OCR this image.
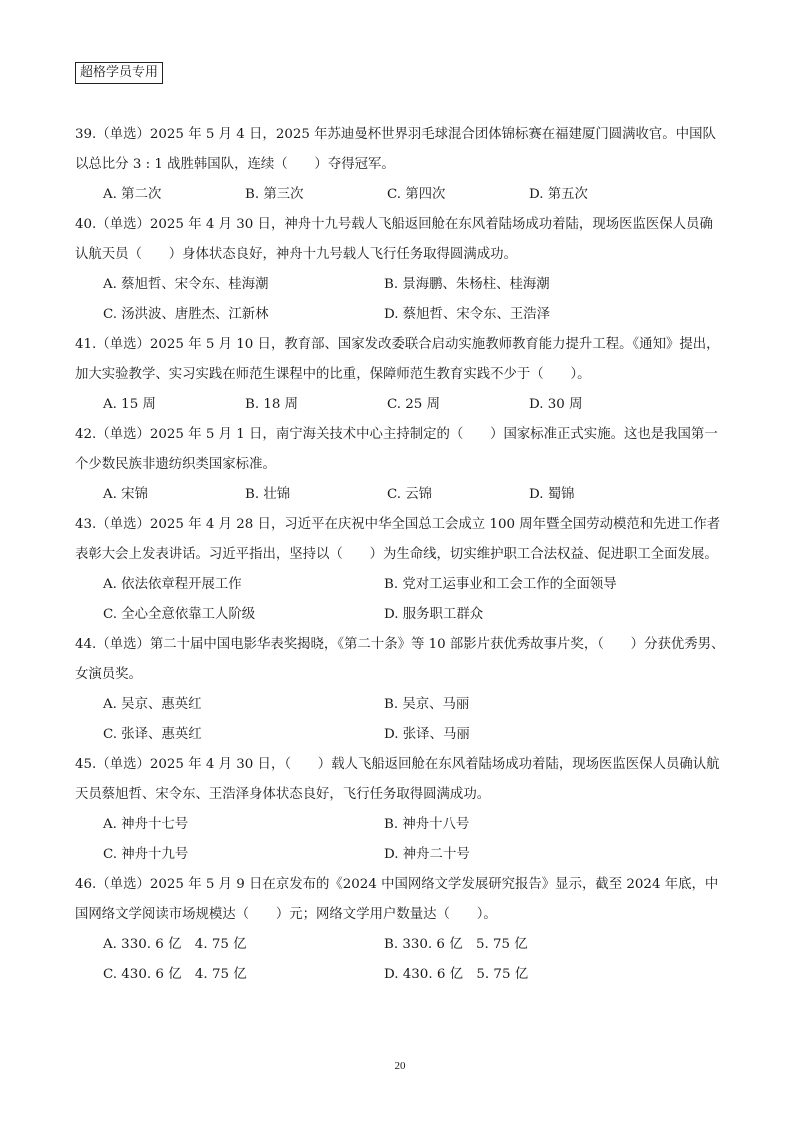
超格学员专用

39.（单选）2025 年 5 月 4 日，2025 年苏迪曼杯世界羽毛球混合团体锦标赛在福建厦门圆满收官。中国队以总比分 3 : 1 战胜韩国队，连续（　　）夺得冠军。

A. 第二次	B. 第三次	C. 第四次	D. 第五次

40.（单选）2025 年 4 月 30 日，神舟十九号载人飞船返回舱在东风着陆场成功着陆，现场医监医保人员确认航天员（　　）身体状态良好，神舟十九号载人飞行任务取得圆满成功。

A. 蔡旭哲、宋令东、桂海潮	B. 景海鹏、朱杨柱、桂海潮
C. 汤洪波、唐胜杰、江新林	D. 蔡旭哲、宋令东、王浩泽

41.（单选）2025 年 5 月 10 日，教育部、国家发改委联合启动实施教师教育能力提升工程。《通知》提出，加大实验教学、实习实践在师范生课程中的比重，保障师范生教育实践不少于（　　）。

A. 15 周	B. 18 周	C. 25 周	D. 30 周

42.（单选）2025 年 5 月 1 日，南宁海关技术中心主持制定的（　　）国家标准正式实施。这也是我国第一个少数民族非遗纺织类国家标准。

A. 宋锦	B. 壮锦	C. 云锦	D. 蜀锦

43.（单选）2025 年 4 月 28 日，习近平在庆祝中华全国总工会成立 100 周年暨全国劳动模范和先进工作者表彰大会上发表讲话。习近平指出，坚持以（　　）为生命线，切实维护职工合法权益、促进职工全面发展。

A. 依法依章程开展工作	B. 党对工运事业和工会工作的全面领导
C. 全心全意依靠工人阶级	D. 服务职工群众

44.（单选）第二十届中国电影华表奖揭晓，《第二十条》等 10 部影片获优秀故事片奖，（　　）分获优秀男、女演员奖。

A. 吴京、惠英红	B. 吴京、马丽
C. 张译、惠英红	D. 张译、马丽

45.（单选）2025 年 4 月 30 日，（　　）载人飞船返回舱在东风着陆场成功着陆，现场医监医保人员确认航天员蔡旭哲、宋令东、王浩泽身体状态良好，飞行任务取得圆满成功。

A. 神舟十七号	B. 神舟十八号
C. 神舟十九号	D. 神舟二十号

46.（单选）2025 年 5 月 9 日在京发布的《2024 中国网络文学发展研究报告》显示，截至 2024 年底，中国网络文学阅读市场规模达（　　）元；网络文学用户数量达（　　）。

A. 330. 6 亿　4. 75 亿	B. 330. 6 亿　5. 75 亿
C. 430. 6 亿　4. 75 亿	D. 430. 6 亿　5. 75 亿
20
